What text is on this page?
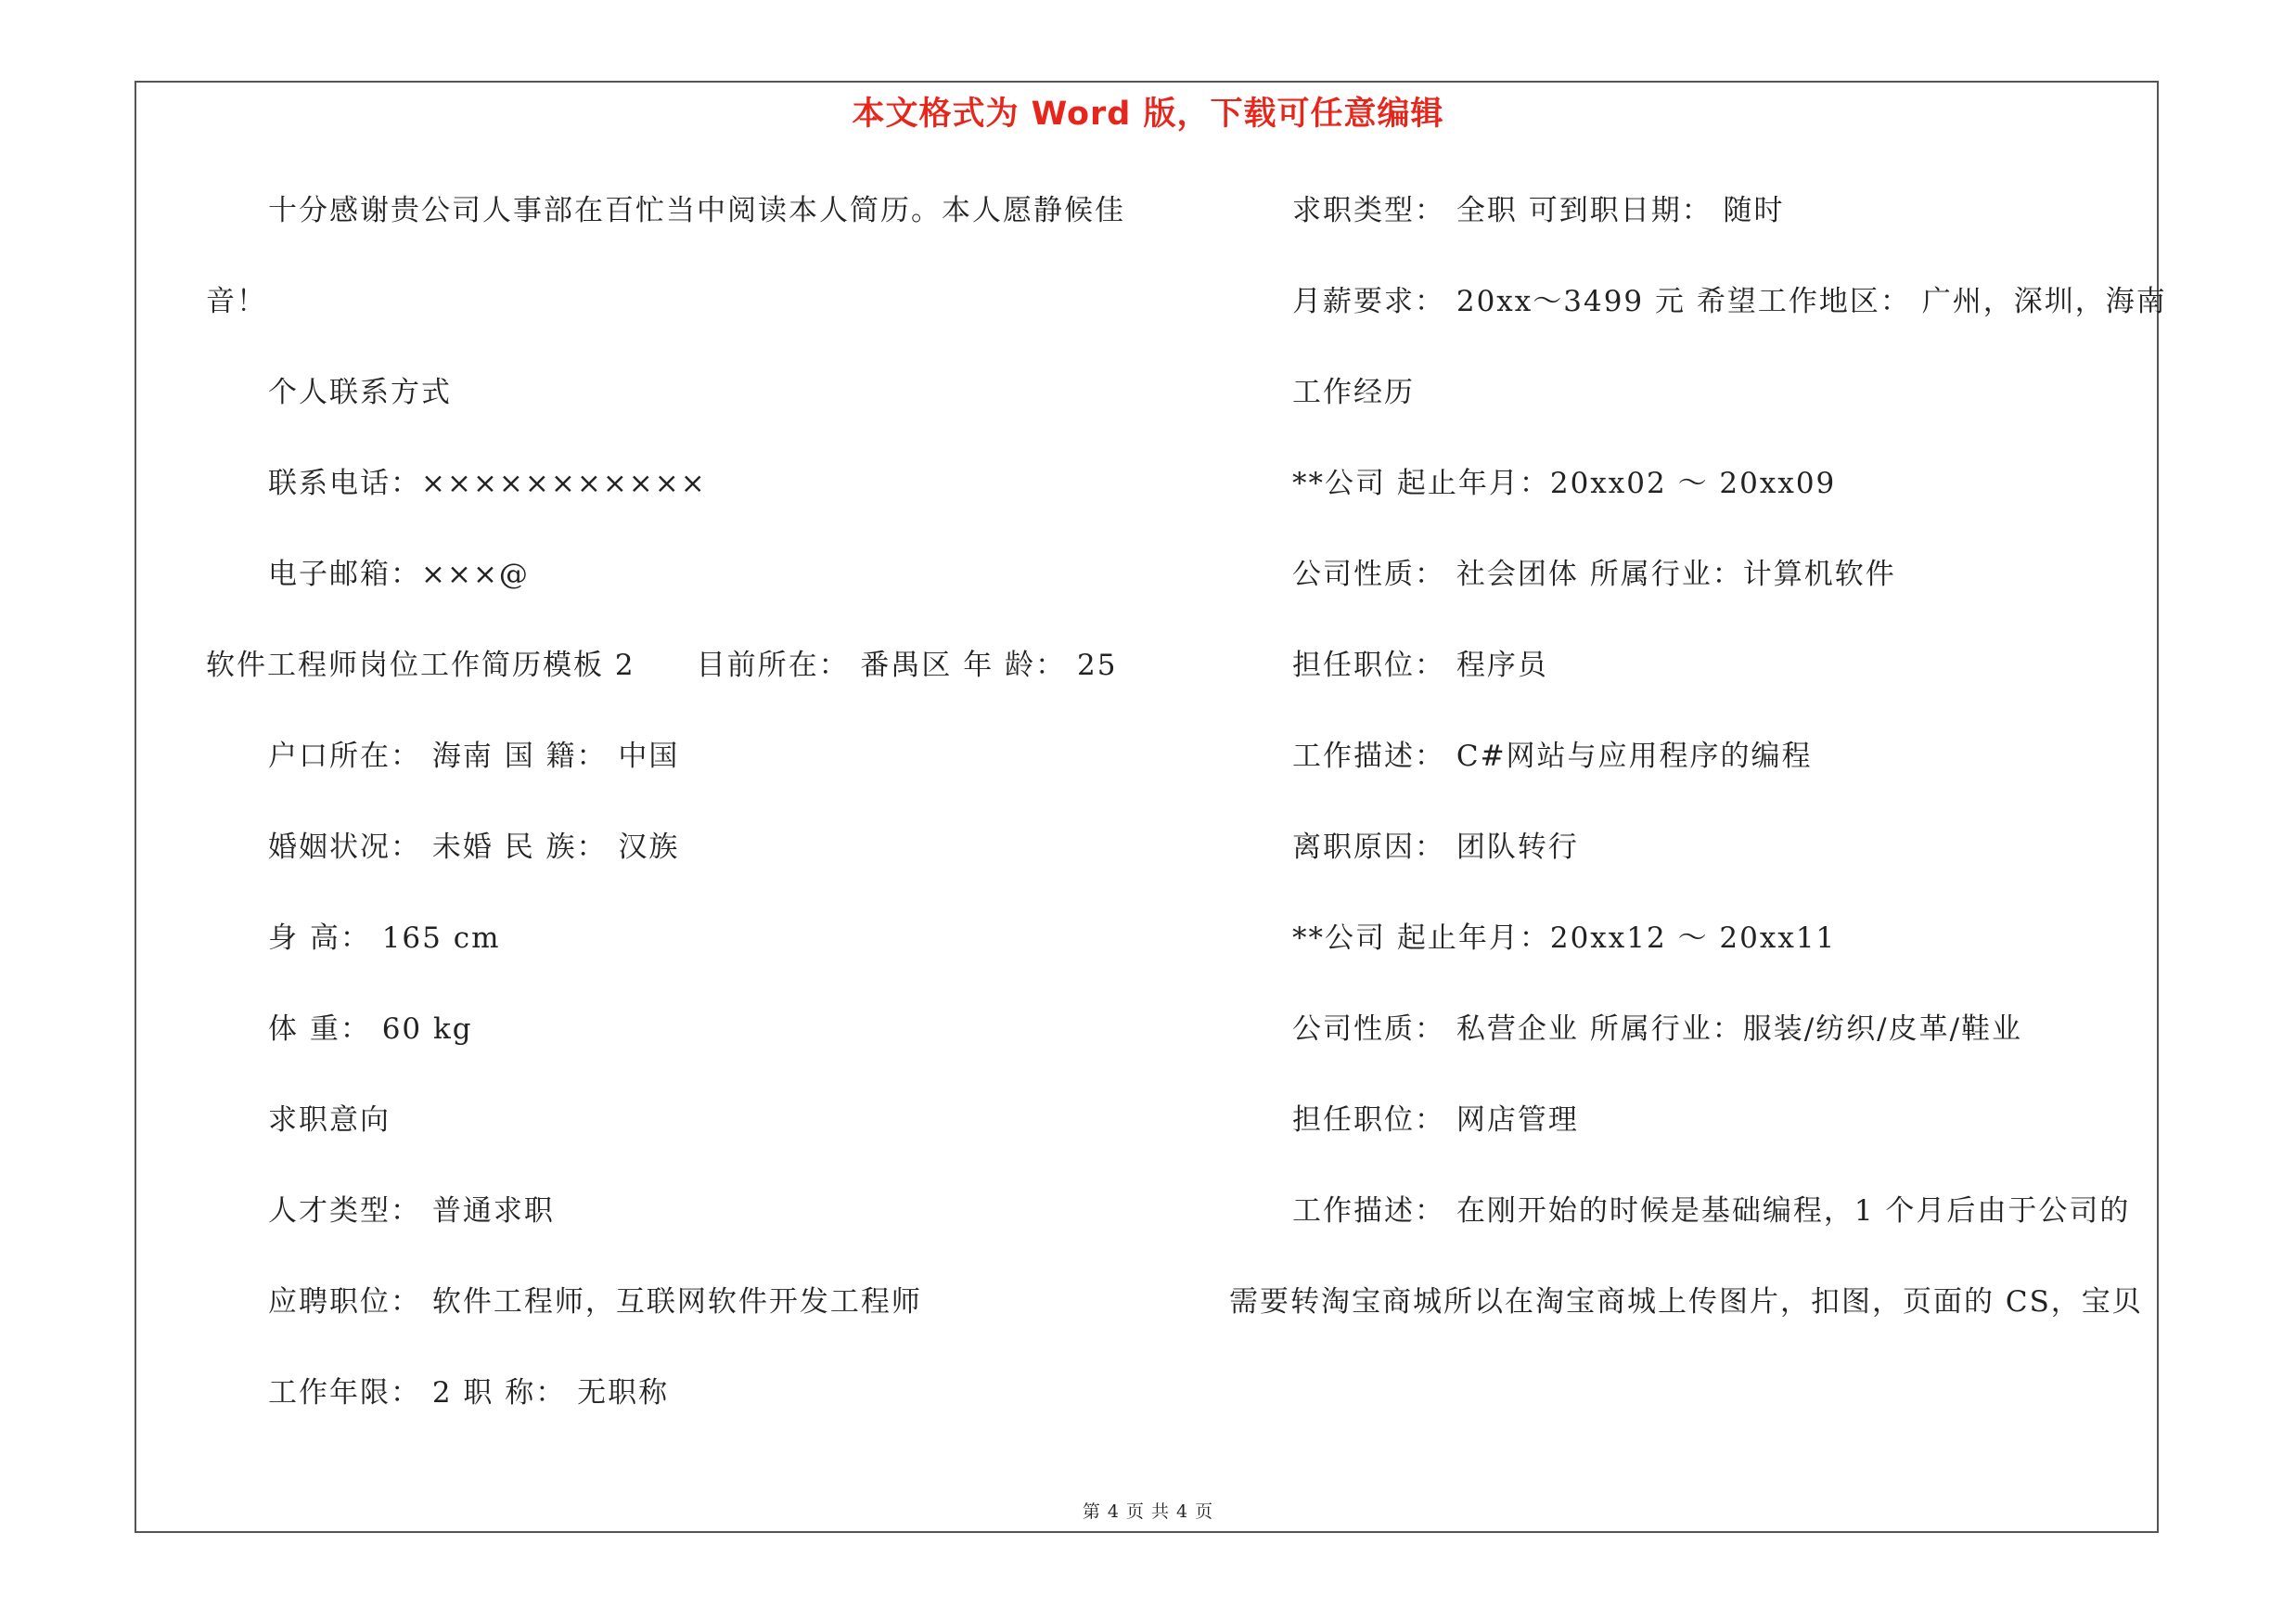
本文格式为 Word 版，下载可任意编辑
十分感谢贵公司人事部在百忙当中阅读本人简历。本人愿静候佳
音！
个人联系方式
联系电话：×××××××××××
电子邮箱：×××@
软件工程师岗位工作简历模板 2　　目前所在： 番禺区 年 龄： 25
户口所在： 海南 国 籍： 中国
婚姻状况： 未婚 民 族： 汉族
身 高： 165 cm
体 重： 60 kg
求职意向
人才类型： 普通求职
应聘职位： 软件工程师，互联网软件开发工程师
工作年限： 2 职 称： 无职称
求职类型： 全职 可到职日期： 随时
月薪要求： 20xx～3499 元 希望工作地区： 广州，深圳，海南
工作经历
**公司 起止年月：20xx02 ～ 20xx09
公司性质： 社会团体 所属行业：计算机软件
担任职位： 程序员
工作描述： C#网站与应用程序的编程
离职原因： 团队转行
**公司 起止年月：20xx12 ～ 20xx11
公司性质： 私营企业 所属行业：服装/纺织/皮革/鞋业
担任职位： 网店管理
工作描述： 在刚开始的时候是基础编程，1 个月后由于公司的
需要转淘宝商城所以在淘宝商城上传图片，扣图，页面的 CS，宝贝
第 4 页 共 4 页
